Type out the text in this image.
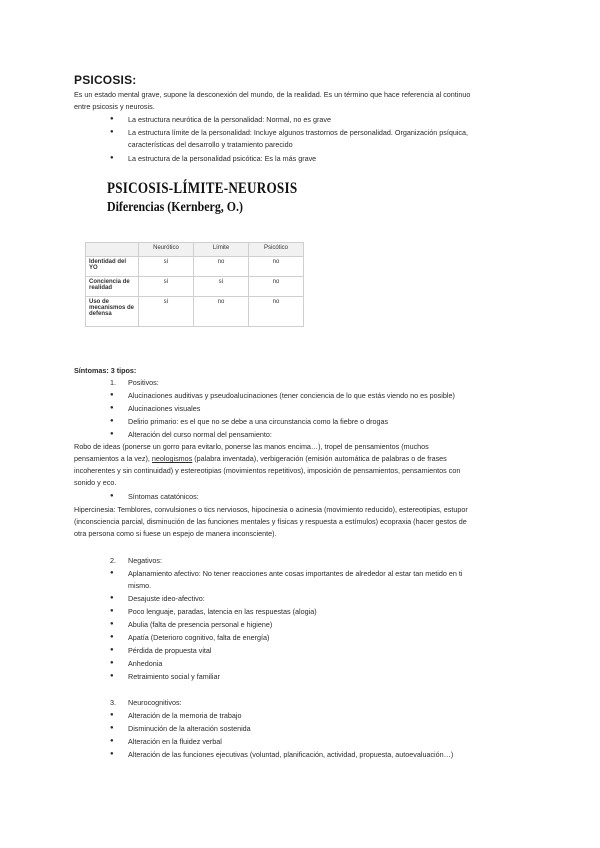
PSICOSIS:
Es un estado mental grave, supone la desconexión del mundo, de la realidad. Es un término que hace referencia al continuo
entre psicosis y neurosis.
● La estructura neurótica de la personalidad: Normal, no es grave
● La estructura límite de la personalidad: Incluye algunos trastornos de personalidad. Organización psíquica,
características del desarrollo y tratamiento parecido
● La estructura de la personalidad psicótica: Es la más grave
PSICOSIS-LÍMITE-NEUROSIS
Diferencias (Kernberg, O.)
	Neurótico	Límite	Psicótico
Identidad del YO	sí	no	no
Conciencia de realidad	sí	sí	no
Uso de mecanismos de defensa	sí	no	no
Síntomas: 3 tipos:
1. Positivos:
● Alucinaciones auditivas y pseudoalucinaciones (tener conciencia de lo que estás viendo no es posible)
● Alucinaciones visuales
● Delirio primario: es el que no se debe a una circunstancia como la fiebre o drogas
● Alteración del curso normal del pensamiento:
Robo de ideas (ponerse un gorro para evitarlo, ponerse las manos encima…), tropel de pensamientos (muchos
pensamientos a la vez), neologismos (palabra inventada), verbigeración (emisión automática de palabras o de frases
incoherentes y sin continuidad) y estereotipias (movimientos repetitivos), imposición de pensamientos, pensamientos con
sonido y eco.
● Síntomas catatónicos:
Hipercinesia: Temblores, convulsiones o tics nerviosos, hipocinesia o acinesia (movimiento reducido), estereotipias, estupor
(inconsciencia parcial, disminución de las funciones mentales y físicas y respuesta a estímulos) ecopraxia (hacer gestos de
otra persona como si fuese un espejo de manera inconsciente).
2. Negativos:
● Aplanamiento afectivo: No tener reacciones ante cosas importantes de alrededor al estar tan metido en ti
mismo.
● Desajuste ideo-afectivo:
● Poco lenguaje, paradas, latencia en las respuestas (alogia)
● Abulia (falta de presencia personal e higiene)
● Apatía (Deterioro cognitivo, falta de energía)
● Pérdida de propuesta vital
● Anhedonia
● Retraimiento social y familiar
3. Neurocognitivos:
● Alteración de la memoria de trabajo
● Disminución de la alteración sostenida
● Alteración en la fluidez verbal
● Alteración de las funciones ejecutivas (voluntad, planificación, actividad, propuesta, autoevaluación…)
